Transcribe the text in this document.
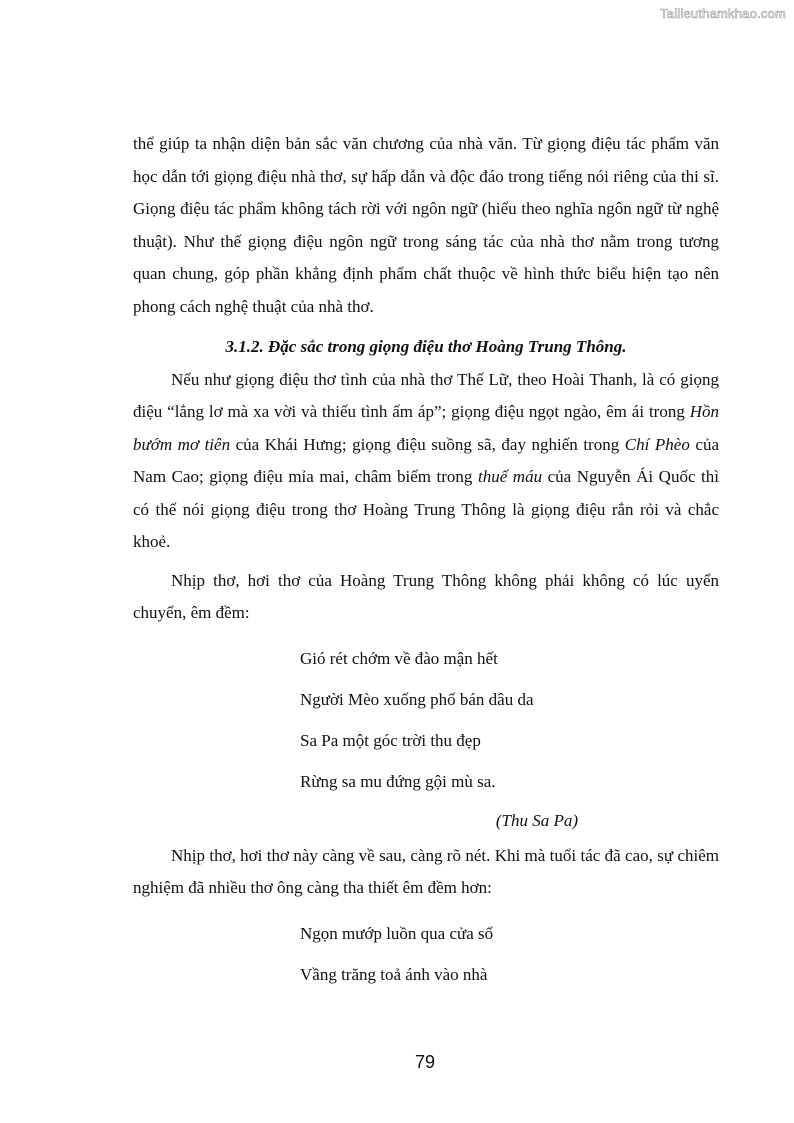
Tailieuthamkhao.com

thể giúp ta nhận diện bản sắc văn chương của nhà văn. Từ giọng điệu tác phẩm văn học dẫn tới giọng điệu nhà thơ, sự hấp dẫn và độc đáo trong tiếng nói riêng của thi sĩ. Giọng điệu tác phẩm không tách rời với ngôn ngữ (hiểu theo nghĩa ngôn ngữ từ nghệ thuật). Như thế giọng điệu ngôn ngữ trong sáng tác của nhà thơ nằm trong tương quan chung, góp phần khẳng định phẩm chất thuộc về hình thức biểu hiện tạo nên phong cách nghệ thuật của nhà thơ.

3.1.2. Đặc sắc trong giọng điệu thơ Hoàng Trung Thông.

Nếu như giọng điệu thơ tình của nhà thơ Thế Lữ, theo Hoài Thanh, là có giọng điệu “lẳng lơ mà xa vời và thiếu tình ấm áp”; giọng điệu ngọt ngào, êm ái trong Hồn bướm mơ tiên của Khái Hưng; giọng điệu suồng sã, đay nghiến trong Chí Phèo của Nam Cao; giọng điệu mỉa mai, châm biếm trong thuế máu của Nguyễn Ái Quốc thì có thể nói giọng điệu trong thơ Hoàng Trung Thông là giọng điệu rắn rỏi và chắc khoẻ.

Nhịp thơ, hơi thơ của Hoàng Trung Thông không phải không có lúc uyển chuyển, êm đềm:

Gió rét chớm về đào mận hết
Người Mèo xuống phố bán dâu da
Sa Pa một góc trời thu đẹp
Rừng sa mu đứng gội mù sa.
(Thu Sa Pa)

Nhịp thơ, hơi thơ này càng về sau, càng rõ nét. Khi mà tuổi tác đã cao, sự chiêm nghiệm đã nhiều thơ ông càng tha thiết êm đềm hơn:

Ngọn mướp luồn qua cửa sổ
Vầng trăng toả ánh vào nhà
79
